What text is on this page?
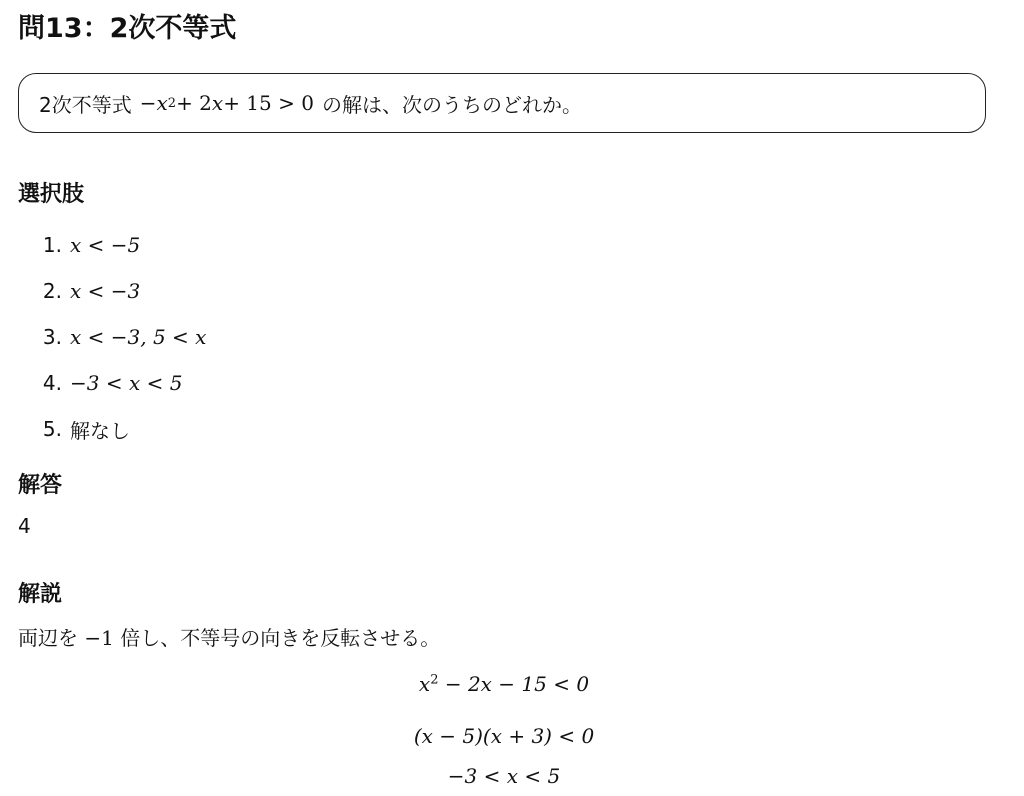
問13：2次不等式
2次不等式 − x 2 + 2 x + 15 > 0 の解は、次のうちのどれか。
選択肢
1. x < −5
2. x < −3
3. x < −3, 5 < x
4. −3 < x < 5
5. 解なし
解答
4
解説
両辺を −1 倍し、不等号の向きを反転させる。
$x^2 - 2x - 15 < 0$
(x − 5)(x + 3) < 0
−3 < x < 5
